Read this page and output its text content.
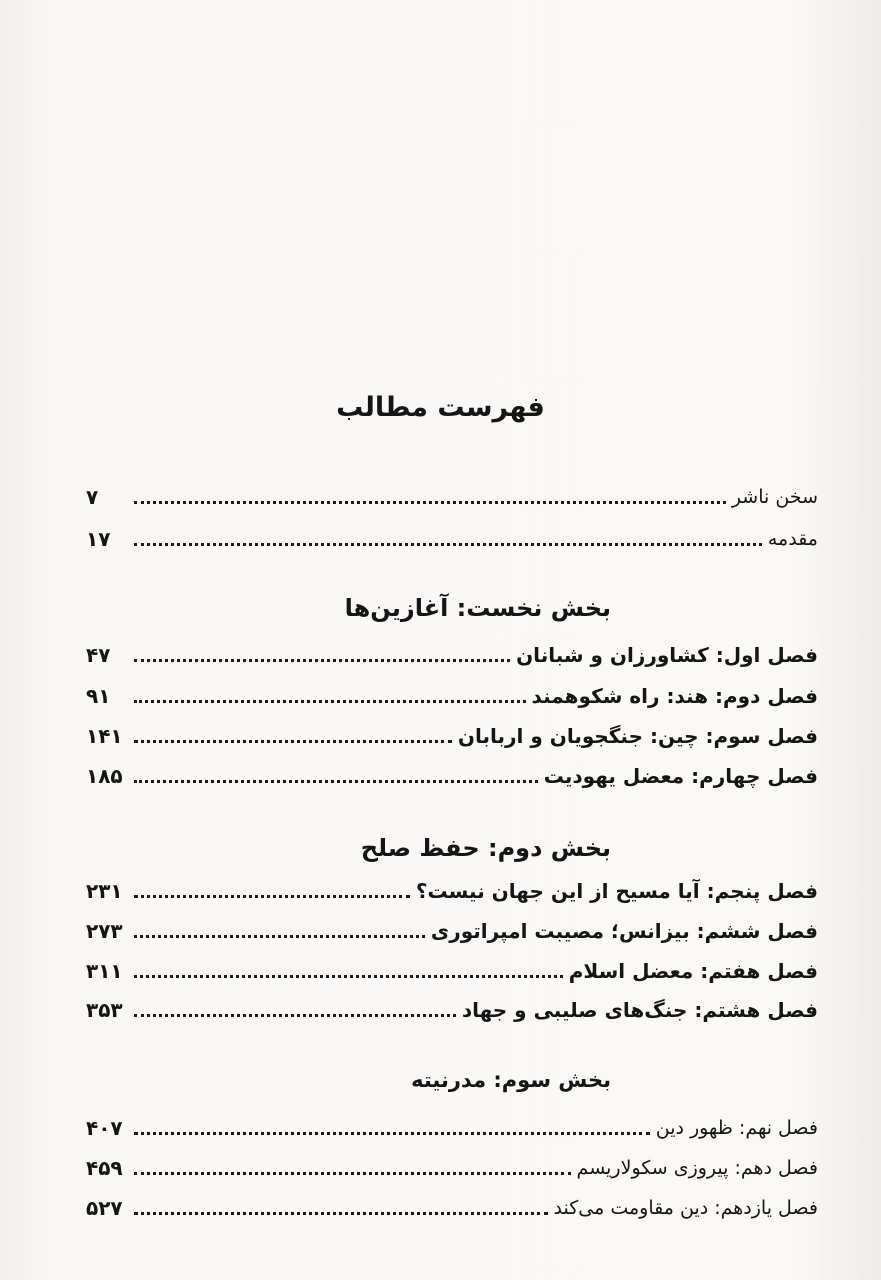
فهرست مطالب
سخن ناشر
۷
مقدمه
۱۷
بخش نخست: آغازین‌ها
فصل اول: کشاورزان و شبانان
۴۷
فصل دوم: هند: راه شکوهمند
۹۱
فصل سوم: چین: جنگجویان و اربابان
۱۴۱
فصل چهارم: معضل یهودیت
۱۸۵
بخش دوم: حفظ صلح
فصل پنجم: آیا مسیح از این جهان نیست؟
۲۳۱
فصل ششم: بیزانس؛ مصیبت امپراتوری
۲۷۳
فصل هفتم: معضل اسلام
۳۱۱
فصل هشتم: جنگ‌های صلیبی و جهاد
۳۵۳
بخش سوم: مدرنیته
فصل نهم: ظهور دین
۴۰۷
فصل دهم: پیروزی سکولاریسم
۴۵۹
فصل یازدهم: دین مقاومت می‌کند
۵۲۷
